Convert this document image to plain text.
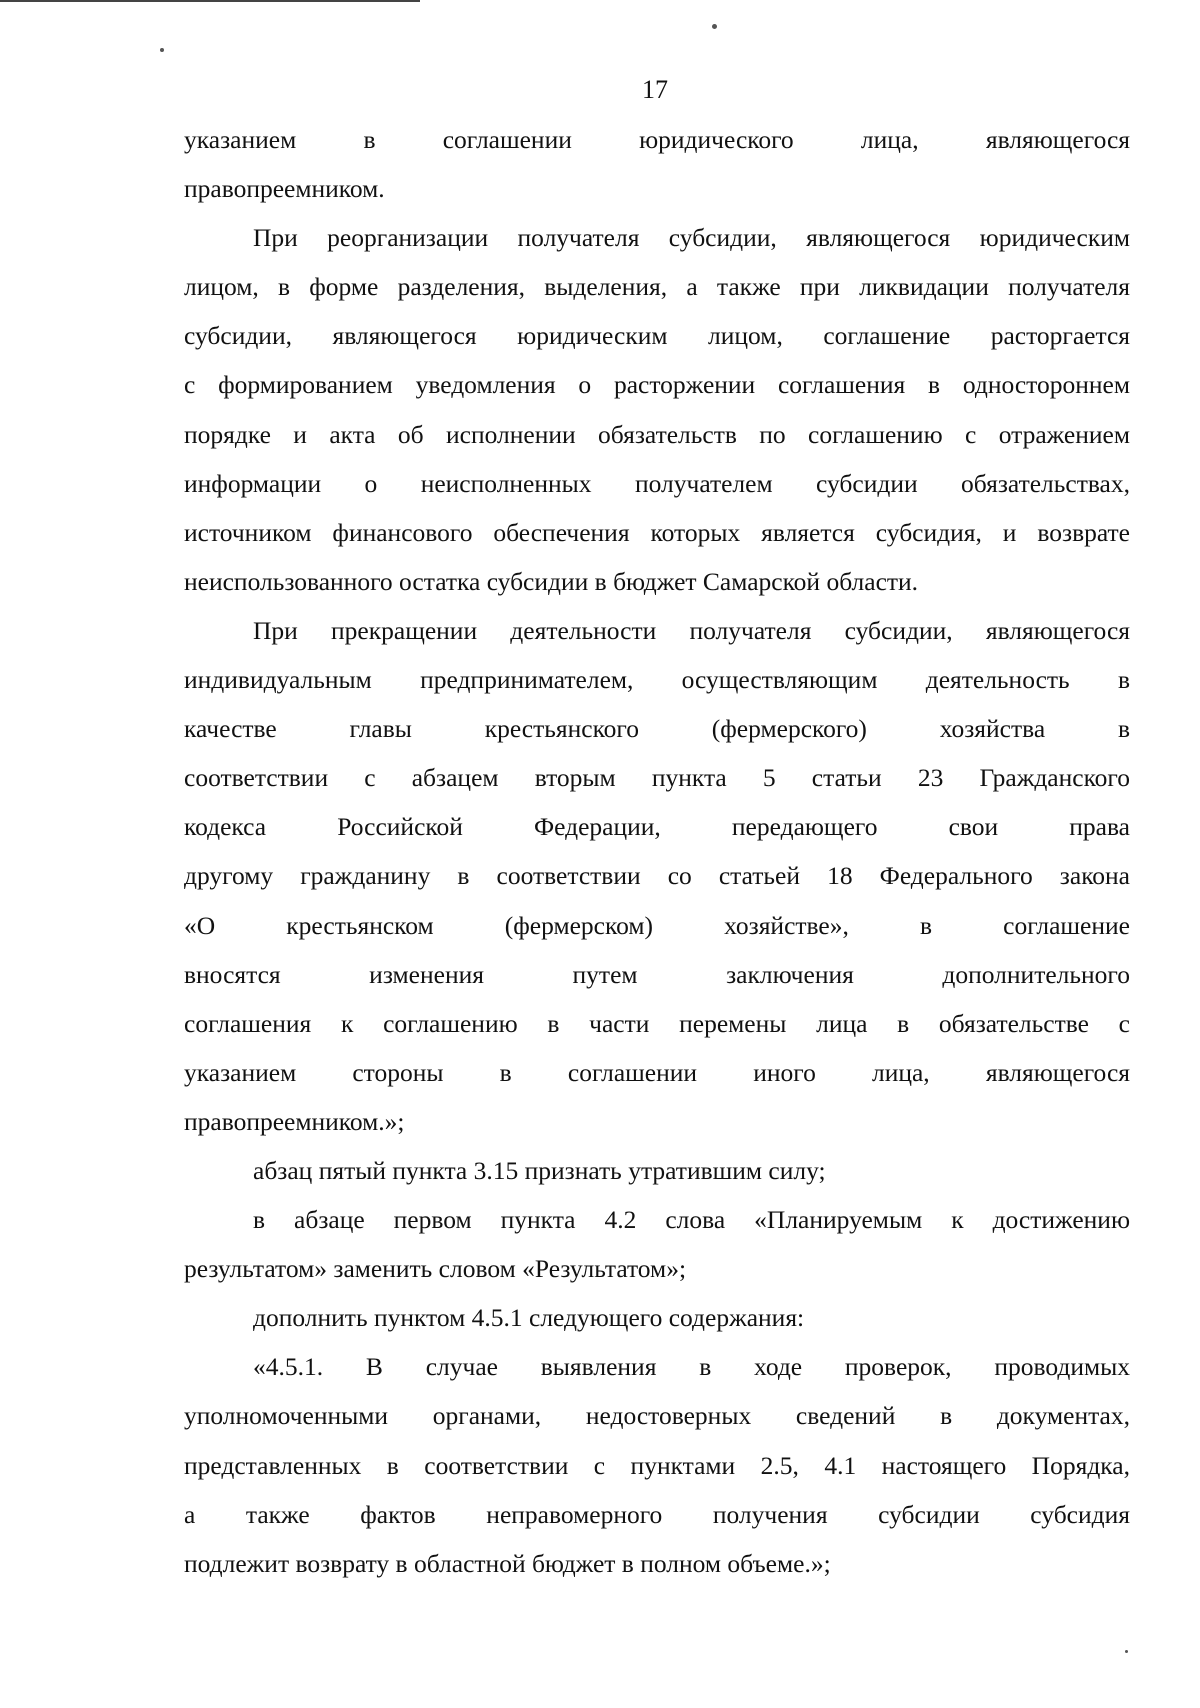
17
указанием в соглашении юридического лица, являющегося
правопреемником.
При реорганизации получателя субсидии, являющегося юридическим
лицом, в форме разделения, выделения, а также при ликвидации получателя
субсидии, являющегося юридическим лицом, соглашение расторгается
с формированием уведомления о расторжении соглашения в одностороннем
порядке и акта об исполнении обязательств по соглашению с отражением
информации о неисполненных получателем субсидии обязательствах,
источником финансового обеспечения которых является субсидия, и возврате
неиспользованного остатка субсидии в бюджет Самарской области.
При прекращении деятельности получателя субсидии, являющегося
индивидуальным предпринимателем, осуществляющим деятельность в
качестве главы крестьянского (фермерского) хозяйства в
соответствии с абзацем вторым пункта 5 статьи 23 Гражданского
кодекса Российской Федерации, передающего свои права
другому гражданину в соответствии со статьей 18 Федерального закона
«О крестьянском (фермерском) хозяйстве», в соглашение
вносятся изменения путем заключения дополнительного
соглашения к соглашению в части перемены лица в обязательстве с
указанием стороны в соглашении иного лица, являющегося
правопреемником.»;
абзац пятый пункта 3.15 признать утратившим силу;
в абзаце первом пункта 4.2 слова «Планируемым к достижению
результатом» заменить словом «Результатом»;
дополнить пунктом 4.5.1 следующего содержания:
«4.5.1. В случае выявления в ходе проверок, проводимых
уполномоченными органами, недостоверных сведений в документах,
представленных в соответствии с пунктами 2.5, 4.1 настоящего Порядка,
а также фактов неправомерного получения субсидии субсидия
подлежит возврату в областной бюджет в полном объеме.»;
